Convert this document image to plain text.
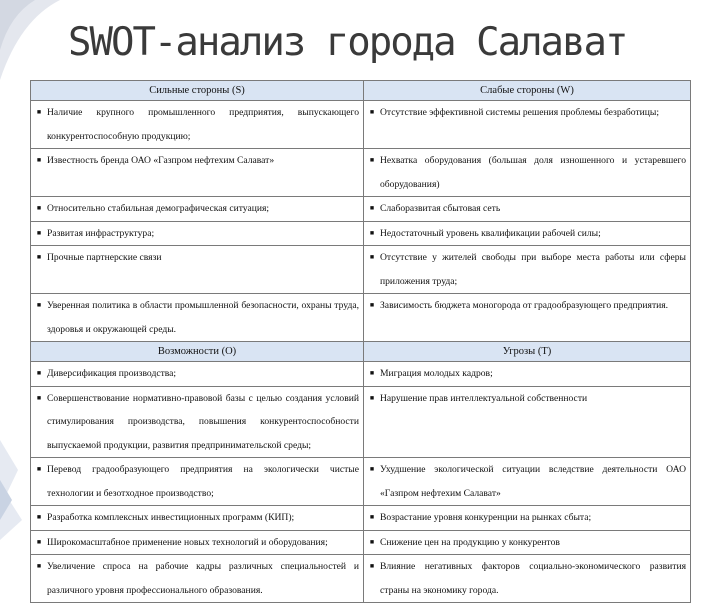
SWOT-анализ города Салават
Сильные стороны (S)	Слабые стороны (W)

■ Наличие крупного промышленного предприятия, выпускающего конкурентоспособную продукцию;	■ Отсутствие эффективной системы решения проблемы безработицы;

■ Известность бренда ОАО «Газпром нефтехим Салават»	■ Нехватка оборудования (большая доля изношенного и устаревшего оборудования)

■ Относительно стабильная демографическая ситуация;	■ Слаборазвитая сбытовая сеть

■ Развитая инфраструктура;	■ Недостаточный уровень квалификации рабочей силы;

■ Прочные партнерские связи	■ Отсутствие у жителей свободы при выборе места работы или сферы приложения труда;

■ Уверенная политика в области промышленной безопасности, охраны труда, здоровья и окружающей среды.	■ Зависимость бюджета моногорода от градообразующего предприятия.

Возможности (O)	Угрозы (T)

■ Диверсификация производства;	■ Миграция молодых кадров;

■ Совершенствование нормативно-правовой базы с целью создания условий стимулирования производства, повышения конкурентоспособности выпускаемой продукции, развития предпринимательской среды;	■ Нарушение прав интеллектуальной собственности

■ Перевод градообразующего предприятия на экологически чистые технологии и безотходное производство;	■ Ухудшение экологической ситуации вследствие деятельности ОАО «Газпром нефтехим Салават»

■ Разработка комплексных инвестиционных программ (КИП);	■ Возрастание уровня конкуренции на рынках сбыта;

■ Широкомасштабное применение новых технологий и оборудования;	■ Снижение цен на продукцию у конкурентов

■ Увеличение спроса на рабочие кадры различных специальностей и различного уровня профессионального образования.	■ Влияние негативных факторов социально-экономического развития страны на экономику города.
